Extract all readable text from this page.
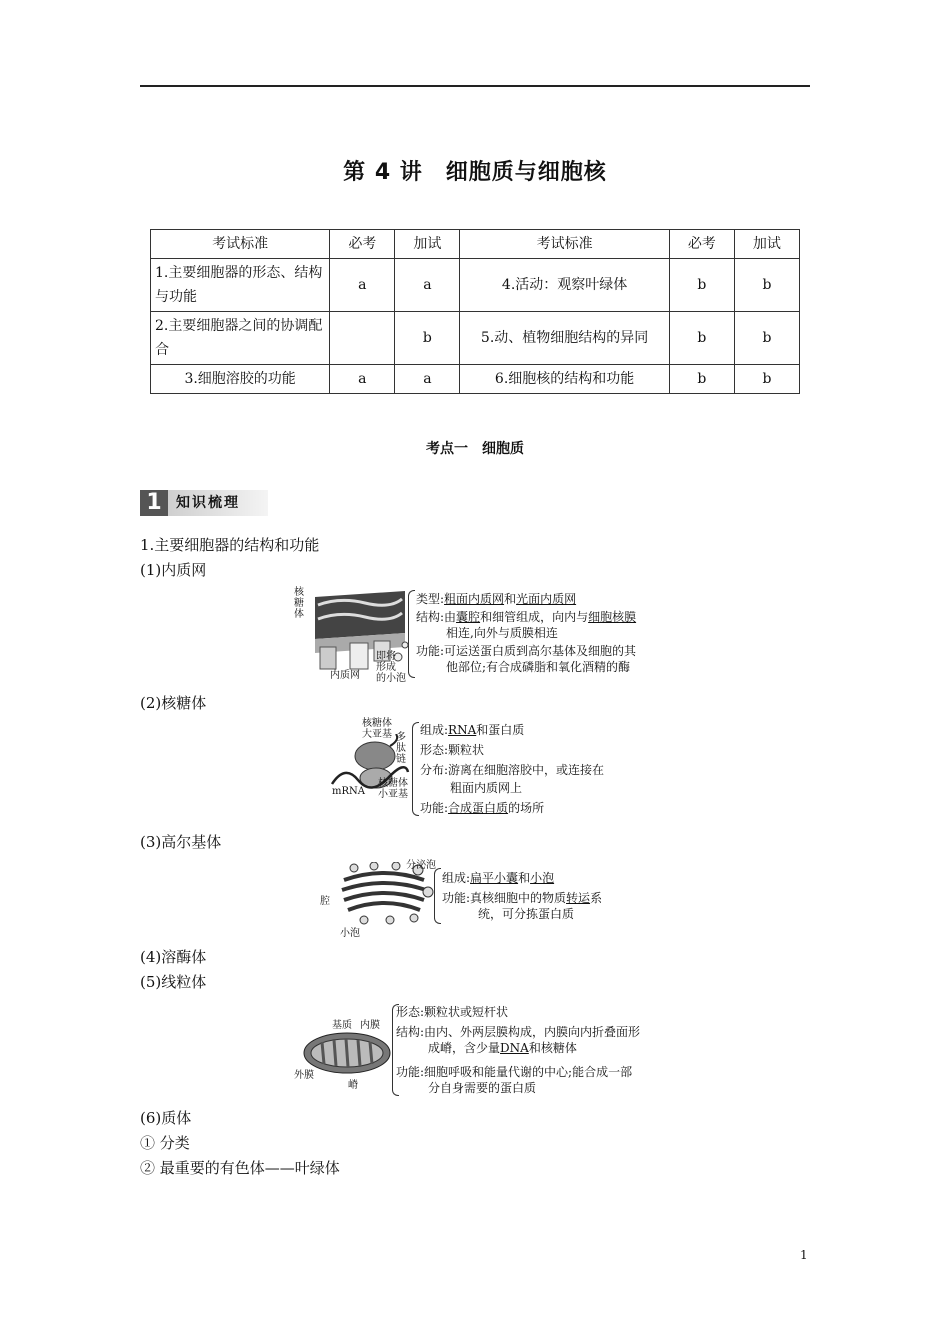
第 4 讲　细胞质与细胞核
考试标准	必考	加试	考试标准	必考	加试
1.主要细胞器的形态、结构与功能	a	a	4.活动：观察叶绿体	b	b
2.主要细胞器之间的协调配合		b	5.动、植物细胞结构的异同	b	b
3.细胞溶胶的功能	a	a	6.细胞核的结构和功能	b	b
考点一　细胞质
1	知识梳理
1.主要细胞器的结构和功能
(1)内质网
核
糖
体
内质网
即将
形成
的小泡
类型:粗面内质网和光面内质网
结构:由囊腔和细管组成，向内与细胞核膜
相连,向外与质膜相连
功能:可运送蛋白质到高尔基体及细胞的其
他部位;有合成磷脂和氧化酒精的酶
(2)核糖体
核糖体
大亚基 多
肽
链
mRNA
核糖体
小亚基
组成:RNA和蛋白质
形态:颗粒状
分布:游离在细胞溶胶中，或连接在
粗面内质网上
功能:合成蛋白质的场所
(3)高尔基体
分泌泡
腔
小泡
组成:扁平小囊和小泡
功能:真核细胞中的物质转运系
统，可分拣蛋白质
(4)溶酶体
(5)线粒体
基质 内膜
外膜
嵴
形态:颗粒状或短杆状
结构:由内、外两层膜构成，内膜向内折叠面形
成嵴，含少量DNA和核糖体
功能:细胞呼吸和能量代谢的中心;能合成一部
分自身需要的蛋白质
(6)质体
① 分类
② 最重要的有色体——叶绿体
1
